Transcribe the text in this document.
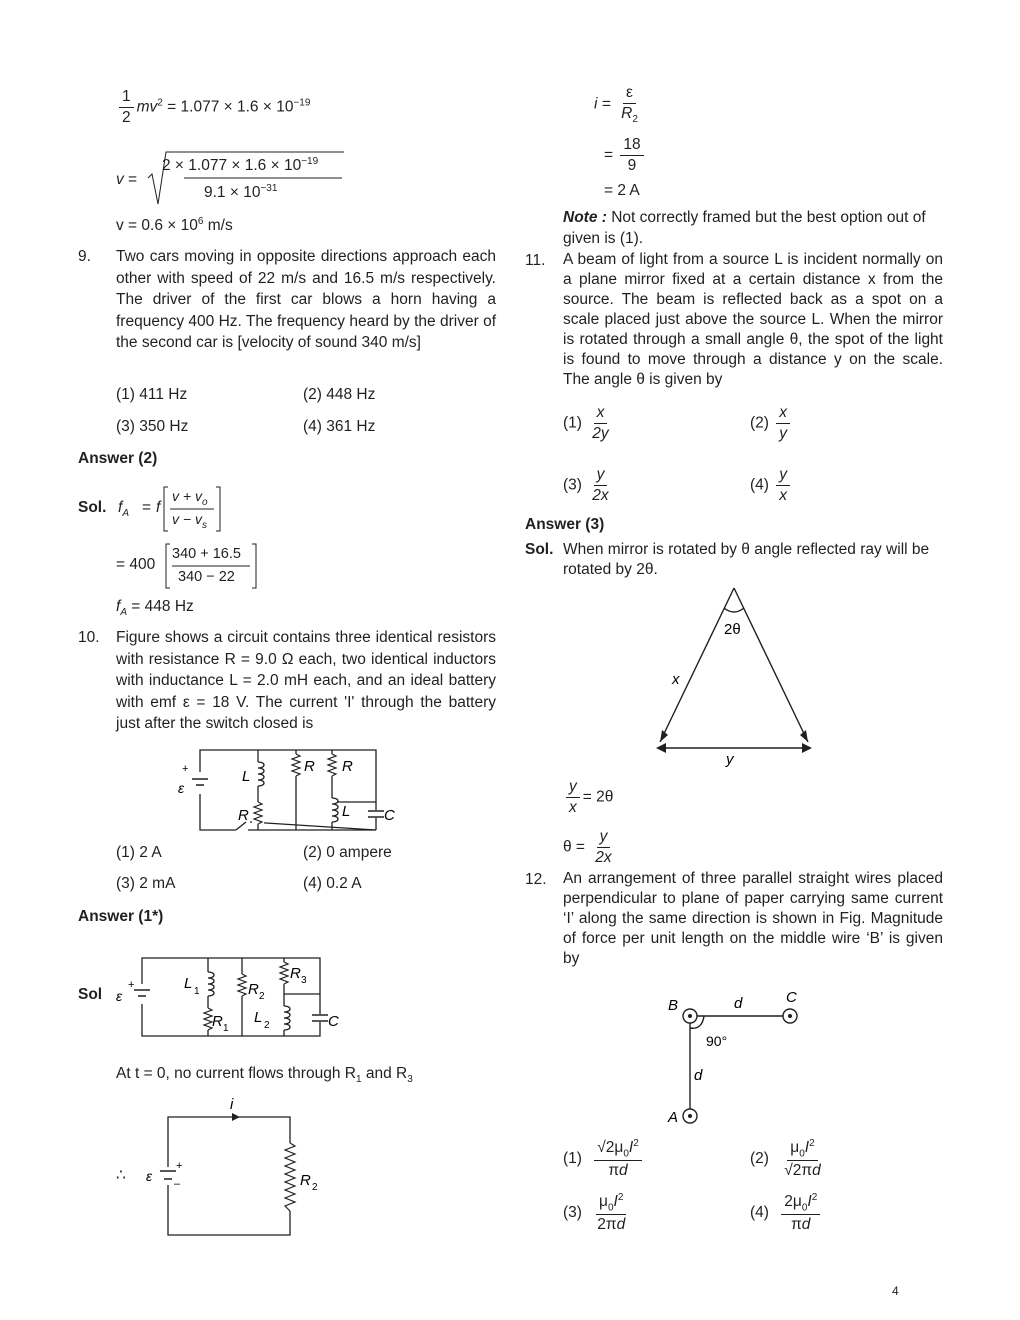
$\frac{1}{2} mv^2 = 1.077 \times 1.6 \times 10^{-19}$
v =
$2 \times 1.077 \times 1.6 \times 10^{-19}$
$9.1 \times 10^{-31}$
$v = 0.6 \times 10^6$ m/s
9. Two cars moving in opposite directions approach each other with speed of 22 m/s and 16.5 m/s respectively. The driver of the first car blows a horn having a frequency 400 Hz. The frequency heard by the driver of the second car is [velocity of sound 340 m/s]
(1) 411 Hz	(2) 448 Hz
(3) 350 Hz	(4) 361 Hz
Answer (2)
Sol. $f_A = f$
$v + v_o$
$v - v_s$
= 400
340 + 16.5
340 − 22
$f_A = 448$ Hz
10. Figure shows a circuit contains three identical resistors with resistance R = 9.0 Ω each, two identical inductors with inductance L = 2.0 mH each, and an ideal battery with emf ε = 18 V. The current 'I' through the battery just after the switch closed is
+
ε
L
R
R R
L C
(1) 2 A	(2) 0 ampere
(3) 2 mA	(4) 0.2 A
Answer (1*)
Sol
+
ε
L 1
R 1
R 2
L 2
R 3
C
At t = 0, no current flows through $R_1$ and $R_3$
∴
i
+
–
ε	R 2
$i = \frac{\varepsilon}{R_2}$
= $\frac{18}{9}$
= 2 A
Note : Not correctly framed but the best option out of given is (1).
11. A beam of light from a source L is incident normally on a plane mirror fixed at a certain distance x from the source. The beam is reflected back as a spot on a scale placed just above the source L. When the mirror is rotated through a small angle θ, the spot of the light is found to move through a distance y on the scale. The angle θ is given by
$(1) \frac{x}{2y}$	$(2) \frac{x}{y}$
$(3) \frac{y}{2x}$	$(4) \frac{y}{x}$
Answer (3)
Sol. When mirror is rotated by θ angle reflected ray will be rotated by 2θ.
2θ
x
y
$\frac{y}{x} = 2\theta$
$\theta = \frac{y}{2x}$
12. An arrangement of three parallel straight wires placed perpendicular to plane of paper carrying same current ‘I’ along the same direction is shown in Fig. Magnitude of force per unit length on the middle wire ‘B’ is given by
B	C
A
d
d
90°
$(1) \frac{√2\mu_0I^2}{\pi d}$	$(2) \frac{\mu_0I^2}{√2\pi d}$
$(3) \frac{\mu_0I^2}{2\pi d}$	$(4) \frac{2\mu_0I^2}{\pi d}$
4
